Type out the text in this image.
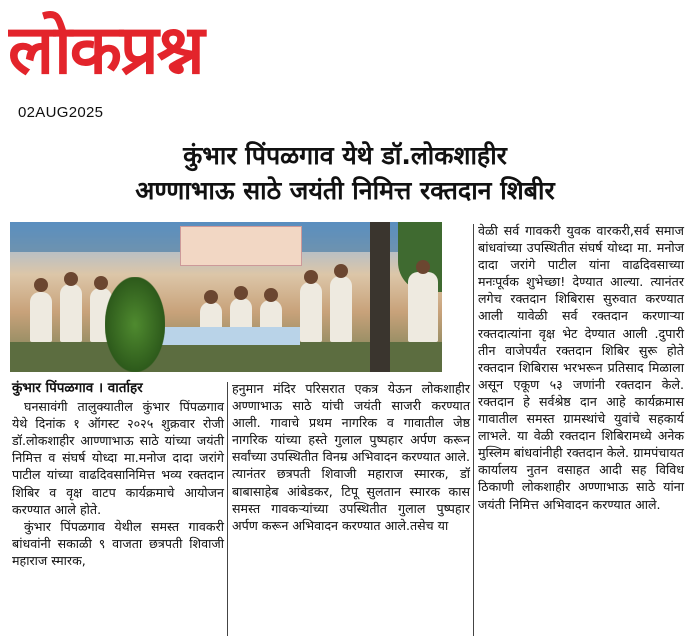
लोकप्रश्न
02AUG2025
कुंभार पिंपळगाव येथे डॉ.लोकशाहीर
अण्णाभाऊ साठे जयंती निमित्त रक्तदान शिबीर
कुंभार पिंपळगाव । वार्ताहर

घनसावंगी तालुक्यातील कुंभार पिंपळगाव येथे दिनांक १ ऑगस्ट २०२५ शुक्रवार रोजी डॉ.लोकशाहीर आण्णाभाऊ साठे यांच्या जयंती निमित्त व संघर्ष योध्दा मा.मनोज दादा जरांगे पाटील यांच्या वाढदिवसानिमित्त भव्य रक्तदान शिबिर व वृक्ष वाटप कार्यक्रमाचे आयोजन करण्यात आले होते.

कुंभार पिंपळगाव येथील समस्त गावकरी बांधवांनी सकाळी ९ वाजता छत्रपती शिवाजी महाराज स्मारक,

हनुमान मंदिर परिसरात एकत्र येऊन लोकशाहीर अण्णाभाऊ साठे यांची जयंती साजरी करण्यात आली. गावाचे प्रथम नागरिक व गावातील जेष्ठ नागरिक यांच्या हस्ते गुलाल पुष्पहार अर्पण करून सर्वांच्या उपस्थितीत विनम्र अभिवादन करण्यात आले. त्यानंतर छत्रपती शिवाजी महाराज स्मारक, डॉ बाबासाहेब आंबेडकर, टिपू सुलतान स्मारक कास समस्त गावकऱ्यांच्या उपस्थितीत गुलाल पुष्पहार अर्पण करून अभिवादन करण्यात आले.तसेच या

वेळी सर्व गावकरी युवक वारकरी,सर्व समाज बांधवांच्या उपस्थितीत संघर्ष योध्दा मा. मनोज दादा जरांगे पाटील यांना वाढदिवसाच्या मनःपूर्वक शुभेच्छा! देण्यात आल्या. त्यानंतर लगेच रक्तदान शिबिरास सुरुवात करण्यात आली यावेळी सर्व रक्तदान करणाऱ्या रक्तदात्यांना वृक्ष भेट देण्यात आली .दुपारी तीन वाजेपर्यंत रक्तदान शिबिर सुरू होते रक्तदान शिबिरास भरभरून प्रतिसाद मिळाला असून एकूण ५३ जणांनी रक्तदान केले. रक्तदान हे सर्वश्रेष्ठ दान आहे कार्यक्रमास गावातील समस्त ग्रामस्थांचे युवांचे सहकार्य लाभले. या वेळी रक्तदान शिबिरामध्ये अनेक मुस्लिम बांधवांनीही रक्तदान केले. ग्रामपंचायत कार्यालय नुतन वसाहत आदी सह विविध ठिकाणी लोकशाहीर अण्णाभाऊ साठे यांना जयंती निमित्त अभिवादन करण्यात आले.
